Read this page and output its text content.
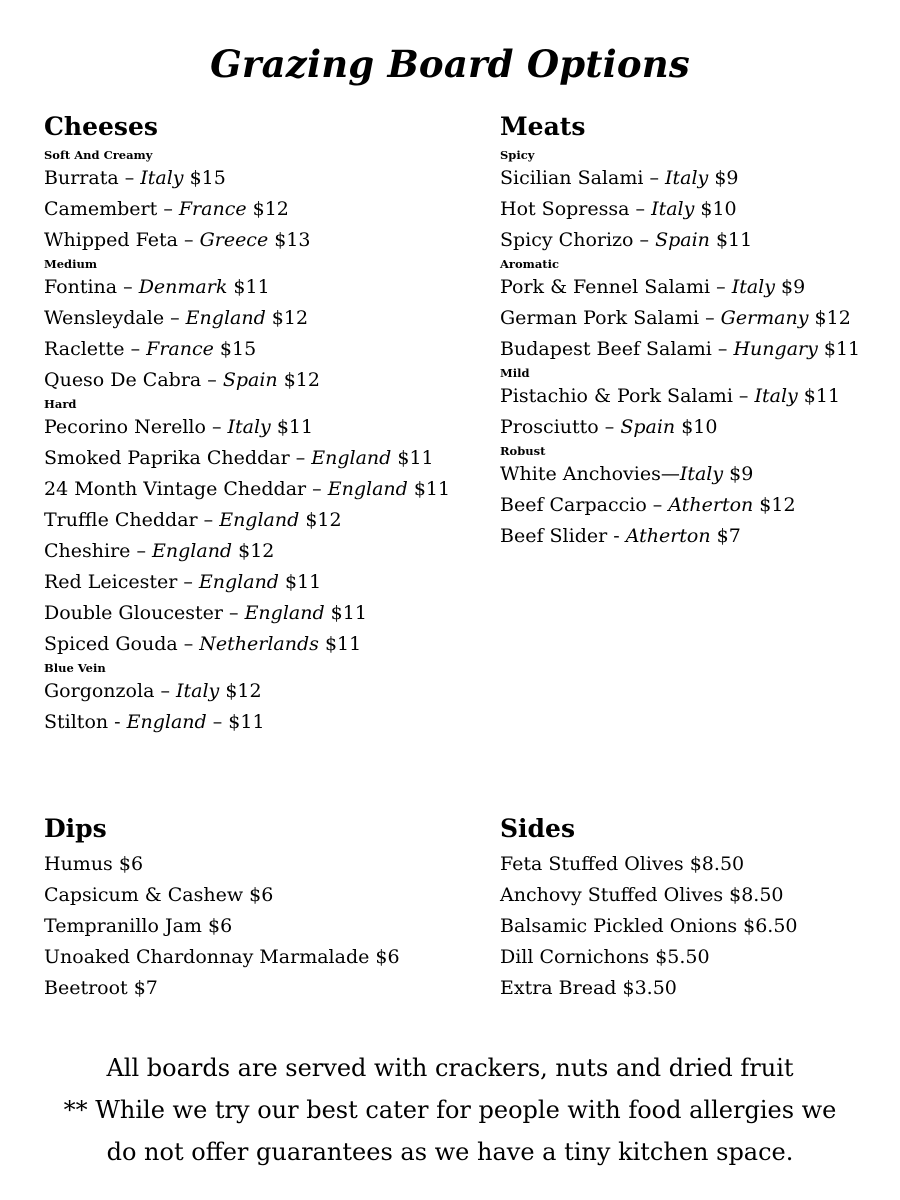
Grazing Board Options
Cheeses
Soft And Creamy
Burrata – Italy $15
Camembert – France $12
Whipped Feta – Greece $13
Medium
Fontina – Denmark $11
Wensleydale – England $12
Raclette – France $15
Queso De Cabra – Spain $12
Hard
Pecorino Nerello – Italy $11
Smoked Paprika Cheddar – England $11
24 Month Vintage Cheddar – England $11
Truffle Cheddar – England $12
Cheshire – England $12
Red Leicester – England $11
Double Gloucester – England $11
Spiced Gouda – Netherlands $11
Blue Vein
Gorgonzola – Italy $12
Stilton - England – $11
Meats
Spicy
Sicilian Salami – Italy $9
Hot Sopressa – Italy $10
Spicy Chorizo – Spain $11
Aromatic
Pork & Fennel Salami – Italy $9
German Pork Salami – Germany $12
Budapest Beef Salami – Hungary $11
Mild
Pistachio & Pork Salami – Italy $11
Prosciutto – Spain $10
Robust
White Anchovies—Italy $9
Beef Carpaccio – Atherton $12
Beef Slider - Atherton $7
Dips
Humus $6
Capsicum & Cashew $6
Tempranillo Jam $6
Unoaked Chardonnay Marmalade $6
Beetroot $7
Sides
Feta Stuffed Olives $8.50
Anchovy Stuffed Olives $8.50
Balsamic Pickled Onions $6.50
Dill Cornichons $5.50
Extra Bread $3.50
All boards are served with crackers, nuts and dried fruit
** While we try our best cater for people with food allergies we
do not offer guarantees as we have a tiny kitchen space.
